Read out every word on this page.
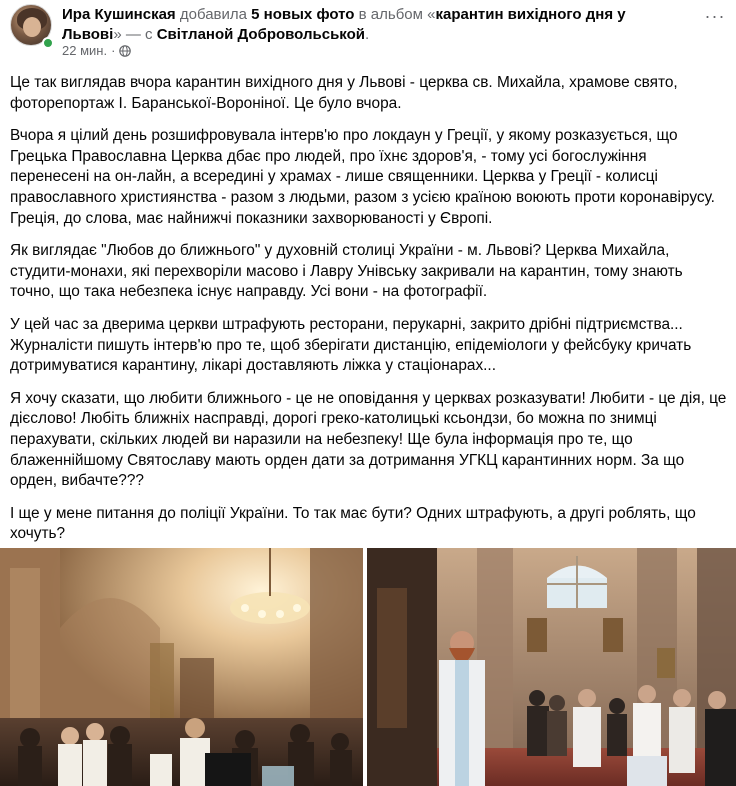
Ира Кушинская добавила 5 новых фото в альбом «карантин вихідного дня у Львові» — с Світланой Добровольськой.
22 мин. ·
···

Це так виглядав вчора карантин вихідного дня у Львові - церква св. Михайла, храмове свято, фоторепортаж І. Баранської-Вороніної. Це було вчора.

Вчора я цілий день розшифровувала інтерв'ю про локдаун у Греції, у якому розказується, що Грецька Православна Церква дбає про людей, про їхнє здоров'я, - тому усі богослужіння перенесені на он-лайн, а всередині у храмах - лише священники. Церква у Греції - колисці православного християнства - разом з людьми, разом з усією країною воюють проти коронавірусу. Греція, до слова, має найнижчі показники захворюваності у Європі.

Як виглядає "Любов до ближнього" у духовній столиці України - м. Львові? Церква Михайла, студити-монахи, які перехворіли масово і Лавру Унівську закривали на карантин, тому знають точно, що така небезпека існує направду. Усі вони - на фотографії.

У цей час за дверима церкви штрафують ресторани, перукарні, закрито дрібні підтриємства... Журналісти пишуть інтерв'ю про те, щоб зберігати дистанцію, епідеміологи у фейсбуку кричать дотримуватися карантину, лікарі доставляють ліжка у стаціонарах...

Я хочу сказати, що любити ближнього - це не оповідання у церквах розказувати! Любити - це дія, це дієслово! Любіть ближніх насправді, дорогі греко-католицькі ксьондзи, бо можна по знимці перахувати, скільких людей ви наразили на небезпеку! Ще була інформація про те, що блаженнійшому Святославу мають орден дати за дотримання УГКЦ карантинних норм. За що орден, вибачте???

І ще у мене питання до поліції України. То так має бути? Одних штрафують, а другі роблять, що хочуть?
